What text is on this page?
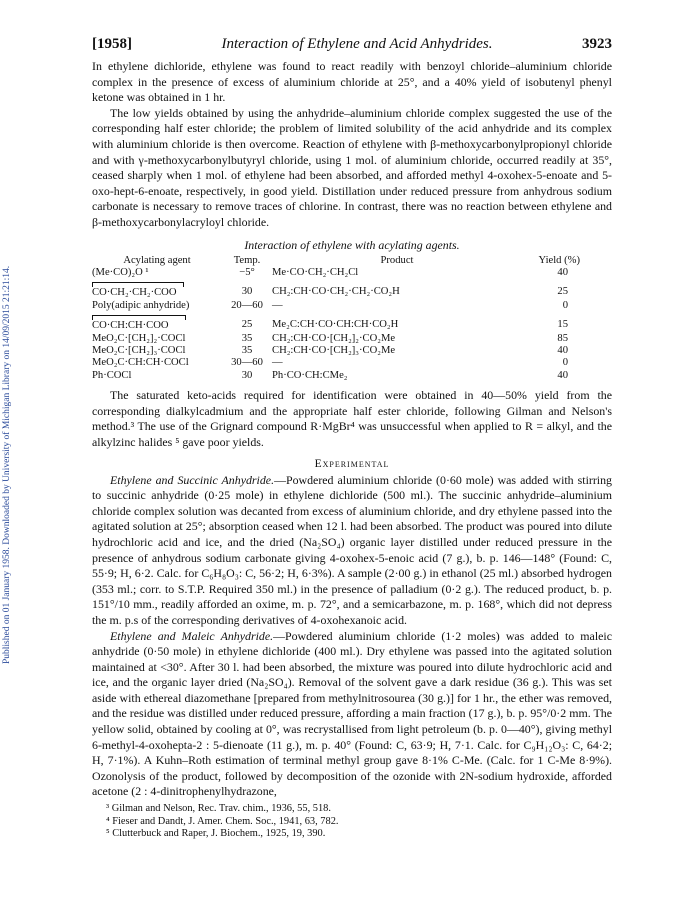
Published on 01 January 1958. Downloaded by University of Michigan Library on 14/09/2015 21:21:14.
[1958]	Interaction of Ethylene and Acid Anhydrides.	3923

In ethylene dichloride, ethylene was found to react readily with benzoyl chloride–aluminium chloride complex in the presence of excess of aluminium chloride at 25°, and a 40% yield of isobutenyl phenyl ketone was obtained in 1 hr.

The low yields obtained by using the anhydride–aluminium chloride complex suggested the use of the corresponding half ester chloride; the problem of limited solubility of the acid anhydride and its complex with aluminium chloride is then overcome. Reaction of ethylene with β-methoxycarbonylpropionyl chloride and with γ-methoxycarbonylbutyryl chloride, using 1 mol. of aluminium chloride, occurred readily at 35°, ceased sharply when 1 mol. of ethylene had been absorbed, and afforded methyl 4-oxohex-5-enoate and 5-oxo-hept-6-enoate, respectively, in good yield. Distillation under reduced pressure from anhydrous sodium carbonate is necessary to remove traces of chlorine. In contrast, there was no reaction between ethylene and β-methoxycarbonylacryloyl chloride.

Interaction of ethylene with acylating agents.
Acylating agent	Temp.	Product	Yield (%)
(Me·CO)₂O ¹	−5°	Me·CO·CH₂·CH₂Cl	40

CO·CH₂·CH₂·COO	30	CH₂:CH·CO·CH₂·CH₂·CO₂H	25
Poly(adipic anhydride)	20—60	—	0

CO·CH:CH·COO	25	Me₂C:CH·CO·CH:CH·CO₂H	15
MeO₂C·[CH₂]₂·COCl	35	CH₂:CH·CO·[CH₂]₂·CO₂Me	85
MeO₂C·[CH₂]₃·COCl	35	CH₂:CH·CO·[CH₂]₃·CO₂Me	40
MeO₂C·CH:CH·COCl	30—60	—	0
Ph·COCl	30	Ph·CO·CH:CMe₂	40

The saturated keto-acids required for identification were obtained in 40—50% yield from the corresponding dialkylcadmium and the appropriate half ester chloride, following Gilman and Nelson's method.³ The use of the Grignard compound R·MgBr⁴ was unsuccessful when applied to R = alkyl, and the alkylzinc halides ⁵ gave poor yields.

Experimental

Ethylene and Succinic Anhydride.—Powdered aluminium chloride (0·60 mole) was added with stirring to succinic anhydride (0·25 mole) in ethylene dichloride (500 ml.). The succinic anhydride–aluminium chloride complex solution was decanted from excess of aluminium chloride, and dry ethylene passed into the agitated solution at 25°; absorption ceased when 12 l. had been absorbed. The product was poured into dilute hydrochloric acid and ice, and the dried (Na₂SO₄) organic layer distilled under reduced pressure in the presence of anhydrous sodium carbonate giving 4-oxohex-5-enoic acid (7 g.), b. p. 146—148° (Found: C, 55·9; H, 6·2. Calc. for C₆H₈O₃: C, 56·2; H, 6·3%). A sample (2·00 g.) in ethanol (25 ml.) absorbed hydrogen (353 ml.; corr. to S.T.P. Required 350 ml.) in the presence of palladium (0·2 g.). The reduced product, b. p. 151°/10 mm., readily afforded an oxime, m. p. 72°, and a semicarbazone, m. p. 168°, which did not depress the m. p.s of the corresponding derivatives of 4-oxohexanoic acid.

Ethylene and Maleic Anhydride.—Powdered aluminium chloride (1·2 moles) was added to maleic anhydride (0·50 mole) in ethylene dichloride (400 ml.). Dry ethylene was passed into the agitated solution maintained at <30°. After 30 l. had been absorbed, the mixture was poured into dilute hydrochloric acid and ice, and the organic layer dried (Na₂SO₄). Removal of the solvent gave a dark residue (36 g.). This was set aside with ethereal diazomethane [prepared from methylnitrosourea (30 g.)] for 1 hr., the ether was removed, and the residue was distilled under reduced pressure, affording a main fraction (17 g.), b. p. 95°/0·2 mm. The yellow solid, obtained by cooling at 0°, was recrystallised from light petroleum (b. p. 0—40°), giving methyl 6-methyl-4-oxohepta-2 : 5-dienoate (11 g.), m. p. 40° (Found: C, 63·9; H, 7·1. Calc. for C₉H₁₂O₃: C, 64·2; H, 7·1%). A Kuhn–Roth estimation of terminal methyl group gave 8·1% C-Me. (Calc. for 1 C-Me 8·9%). Ozonolysis of the product, followed by decomposition of the ozonide with 2N-sodium hydroxide, afforded acetone (2 : 4-dinitrophenylhydrazone,

³ Gilman and Nelson, Rec. Trav. chim., 1936, 55, 518.
⁴ Fieser and Dandt, J. Amer. Chem. Soc., 1941, 63, 782.
⁵ Clutterbuck and Raper, J. Biochem., 1925, 19, 390.
